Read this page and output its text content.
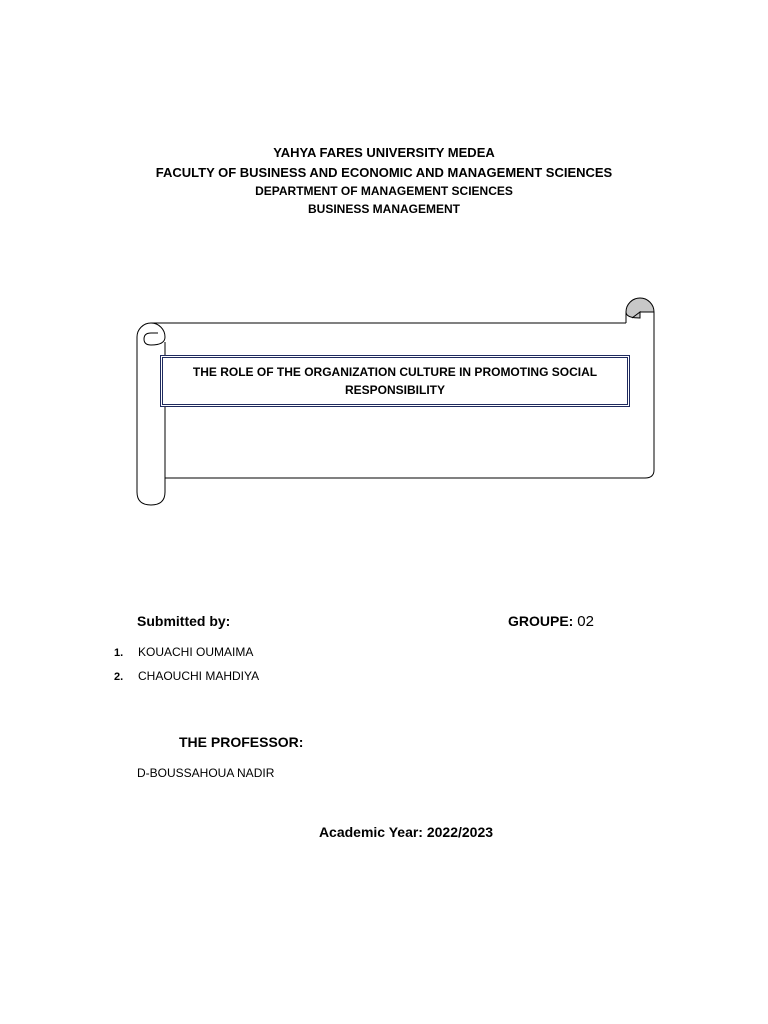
YAHYA FARES UNIVERSITY MEDEA
FACULTY OF BUSINESS AND ECONOMIC AND MANAGEMENT SCIENCES
DEPARTMENT OF MANAGEMENT SCIENCES
BUSINESS MANAGEMENT
THE ROLE OF THE ORGANIZATION CULTURE IN PROMOTING SOCIAL RESPONSIBILITY
Submitted by:	GROUPE: 02
1. KOUACHI OUMAIMA
2. CHAOUCHI MAHDIYA
THE PROFESSOR:
D-BOUSSAHOUA NADIR
Academic Year: 2022/2023
